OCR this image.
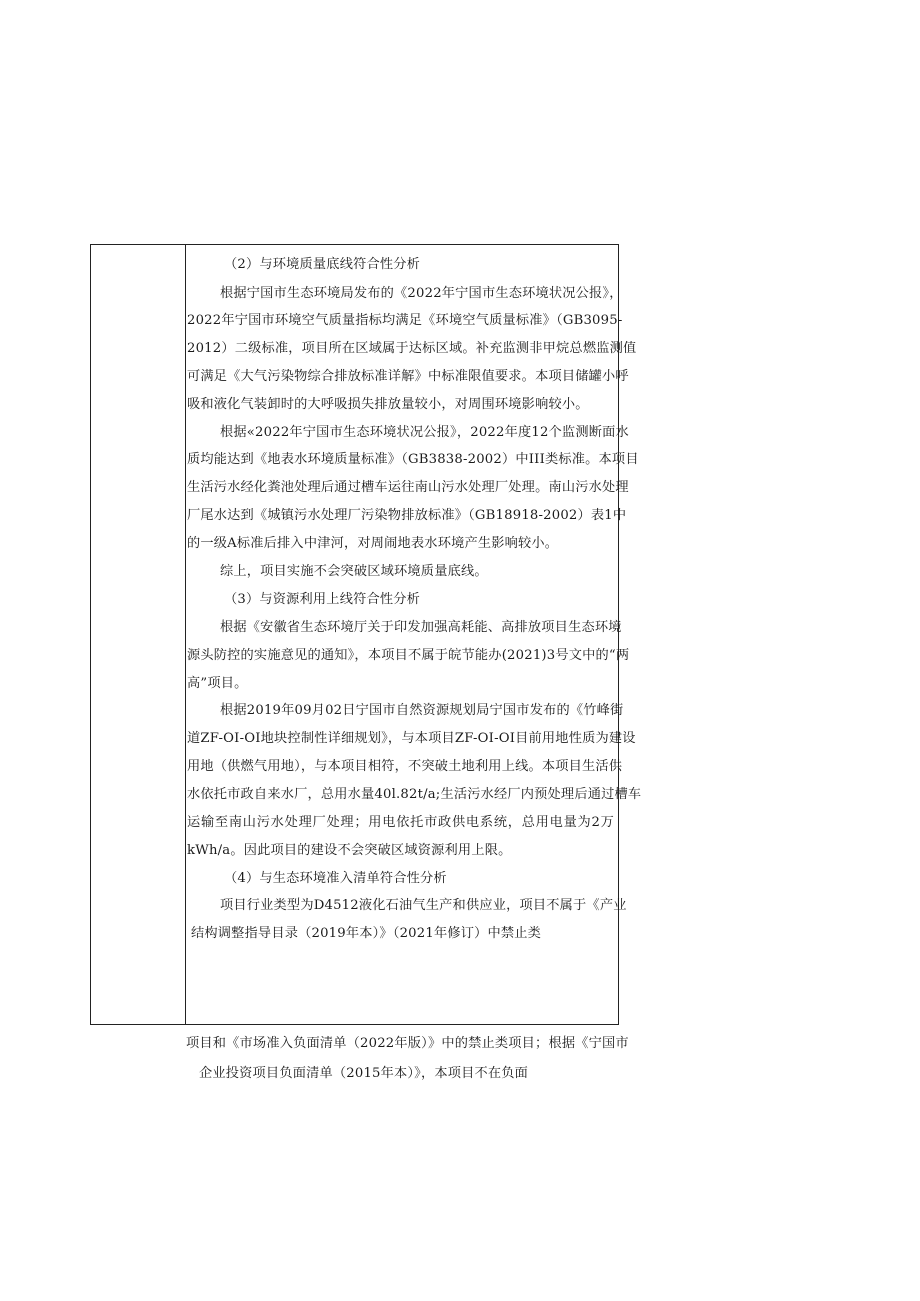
（2）与环境质量底线符合性分析
根据宁国市生态环境局发布的《2022年宁国市生态环境状况公报》，
2022年宁国市环境空气质量指标均满足《环境空气质量标准》（GB3095-
2012）二级标准，项目所在区域属于达标区域。补充监测非甲烷总燃监测值
可满足《大气污染物综合排放标准详解》中标准限值要求。本项目储罐小呼
吸和液化气装卸时的大呼吸损失排放量较小，对周围环境影响较小。
根据«2022年宁国市生态环境状况公报》，2022年度12个监测断面水
质均能达到《地表水环境质量标准》（GB3838-2002）中III类标准。本项目
生活污水经化粪池处理后通过槽车运往南山污水处理厂处理。南山污水处理
厂尾水达到《城镇污水处理厂污染物排放标准》（GB18918-2002）表1中
的一级A标准后排入中津河，对周闹地表水环境产生影响较小。
综上，项目实施不会突破区域环境质量底线。
（3）与资源利用上线符合性分析
根据《安徽省生态环境厅关于印发加强高耗能、高排放项目生态环境
源头防控的实施意见的通知》，本项目不属于皖节能办(2021)3号文中的“两
高”项目。
根据2019年09月02日宁国市自然资源规划局宁国市发布的《竹峰街
道ZF-OI-OI地块控制性详细规划》，与本项目ZF-OI-OI目前用地性质为建设
用地（供燃气用地），与本项目相符，不突破土地利用上线。本项目生活供
水依托市政自来水厂，总用水量40l.82t∕a;生活污水经厂内预处理后通过槽车
运输至南山污水处理厂处理；用电依托市政供电系统，总用电量为2万
kWh∕a。因此项目的建设不会突破区域资源利用上限。
（4）与生态环境准入清单符合性分析
项目行业类型为D4512液化石油气生产和供应业，项目不属于《产业
结构调整指导目录（2019年本）》（2021年修订）中禁止类
项目和《市场准入负面清单（2022年版）》中的禁止类项目；根据《宁国市
企业投资项目负面清单（2015年本）》，本项目不在负面
